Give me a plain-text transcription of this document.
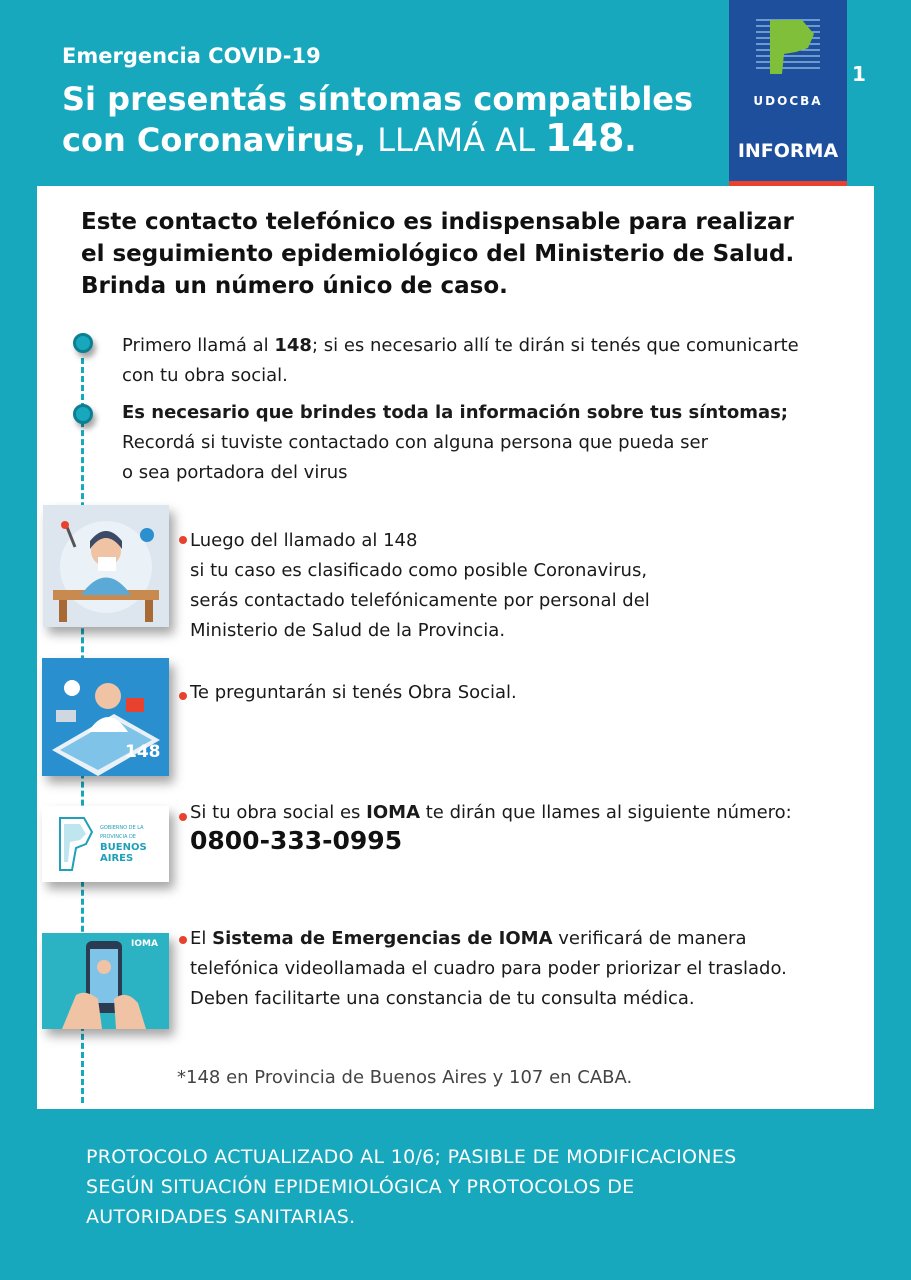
Emergencia COVID-19
Si presentás síntomas compatibles
con Coronavirus, LLAMÁ AL 148.
1
UDOCBA
INFORMA
Este contacto telefónico es indispensable para realizar
el seguimiento epidemiológico del Ministerio de Salud.
Brinda un número único de caso.
Primero llamá al 148; si es necesario allí te dirán si tenés que comunicarte
con tu obra social.
Es necesario que brindes toda la información sobre tus síntomas;
Recordá si tuviste contactado con alguna persona que pueda ser
o sea portadora del virus
Luego del llamado al 148
si tu caso es clasificado como posible Coronavirus,
serás contactado telefónicamente por personal del
Ministerio de Salud de la Provincia.
148
Te preguntarán si tenés Obra Social.
GOBIERNO DE LA
PROVINCIA DE
BUENOS
AIRES
Si tu obra social es IOMA te dirán que llames al siguiente número:
0800-333-0995
IOMA El Sistema de Emergencias de IOMA verificará de manera
telefónica videollamada el cuadro para poder priorizar el traslado.
Deben facilitarte una constancia de tu consulta médica.
*148 en Provincia de Buenos Aires y 107 en CABA.
PROTOCOLO ACTUALIZADO AL 10/6; PASIBLE DE MODIFICACIONES
SEGÚN SITUACIÓN EPIDEMIOLÓGICA Y PROTOCOLOS DE
AUTORIDADES SANITARIAS.
